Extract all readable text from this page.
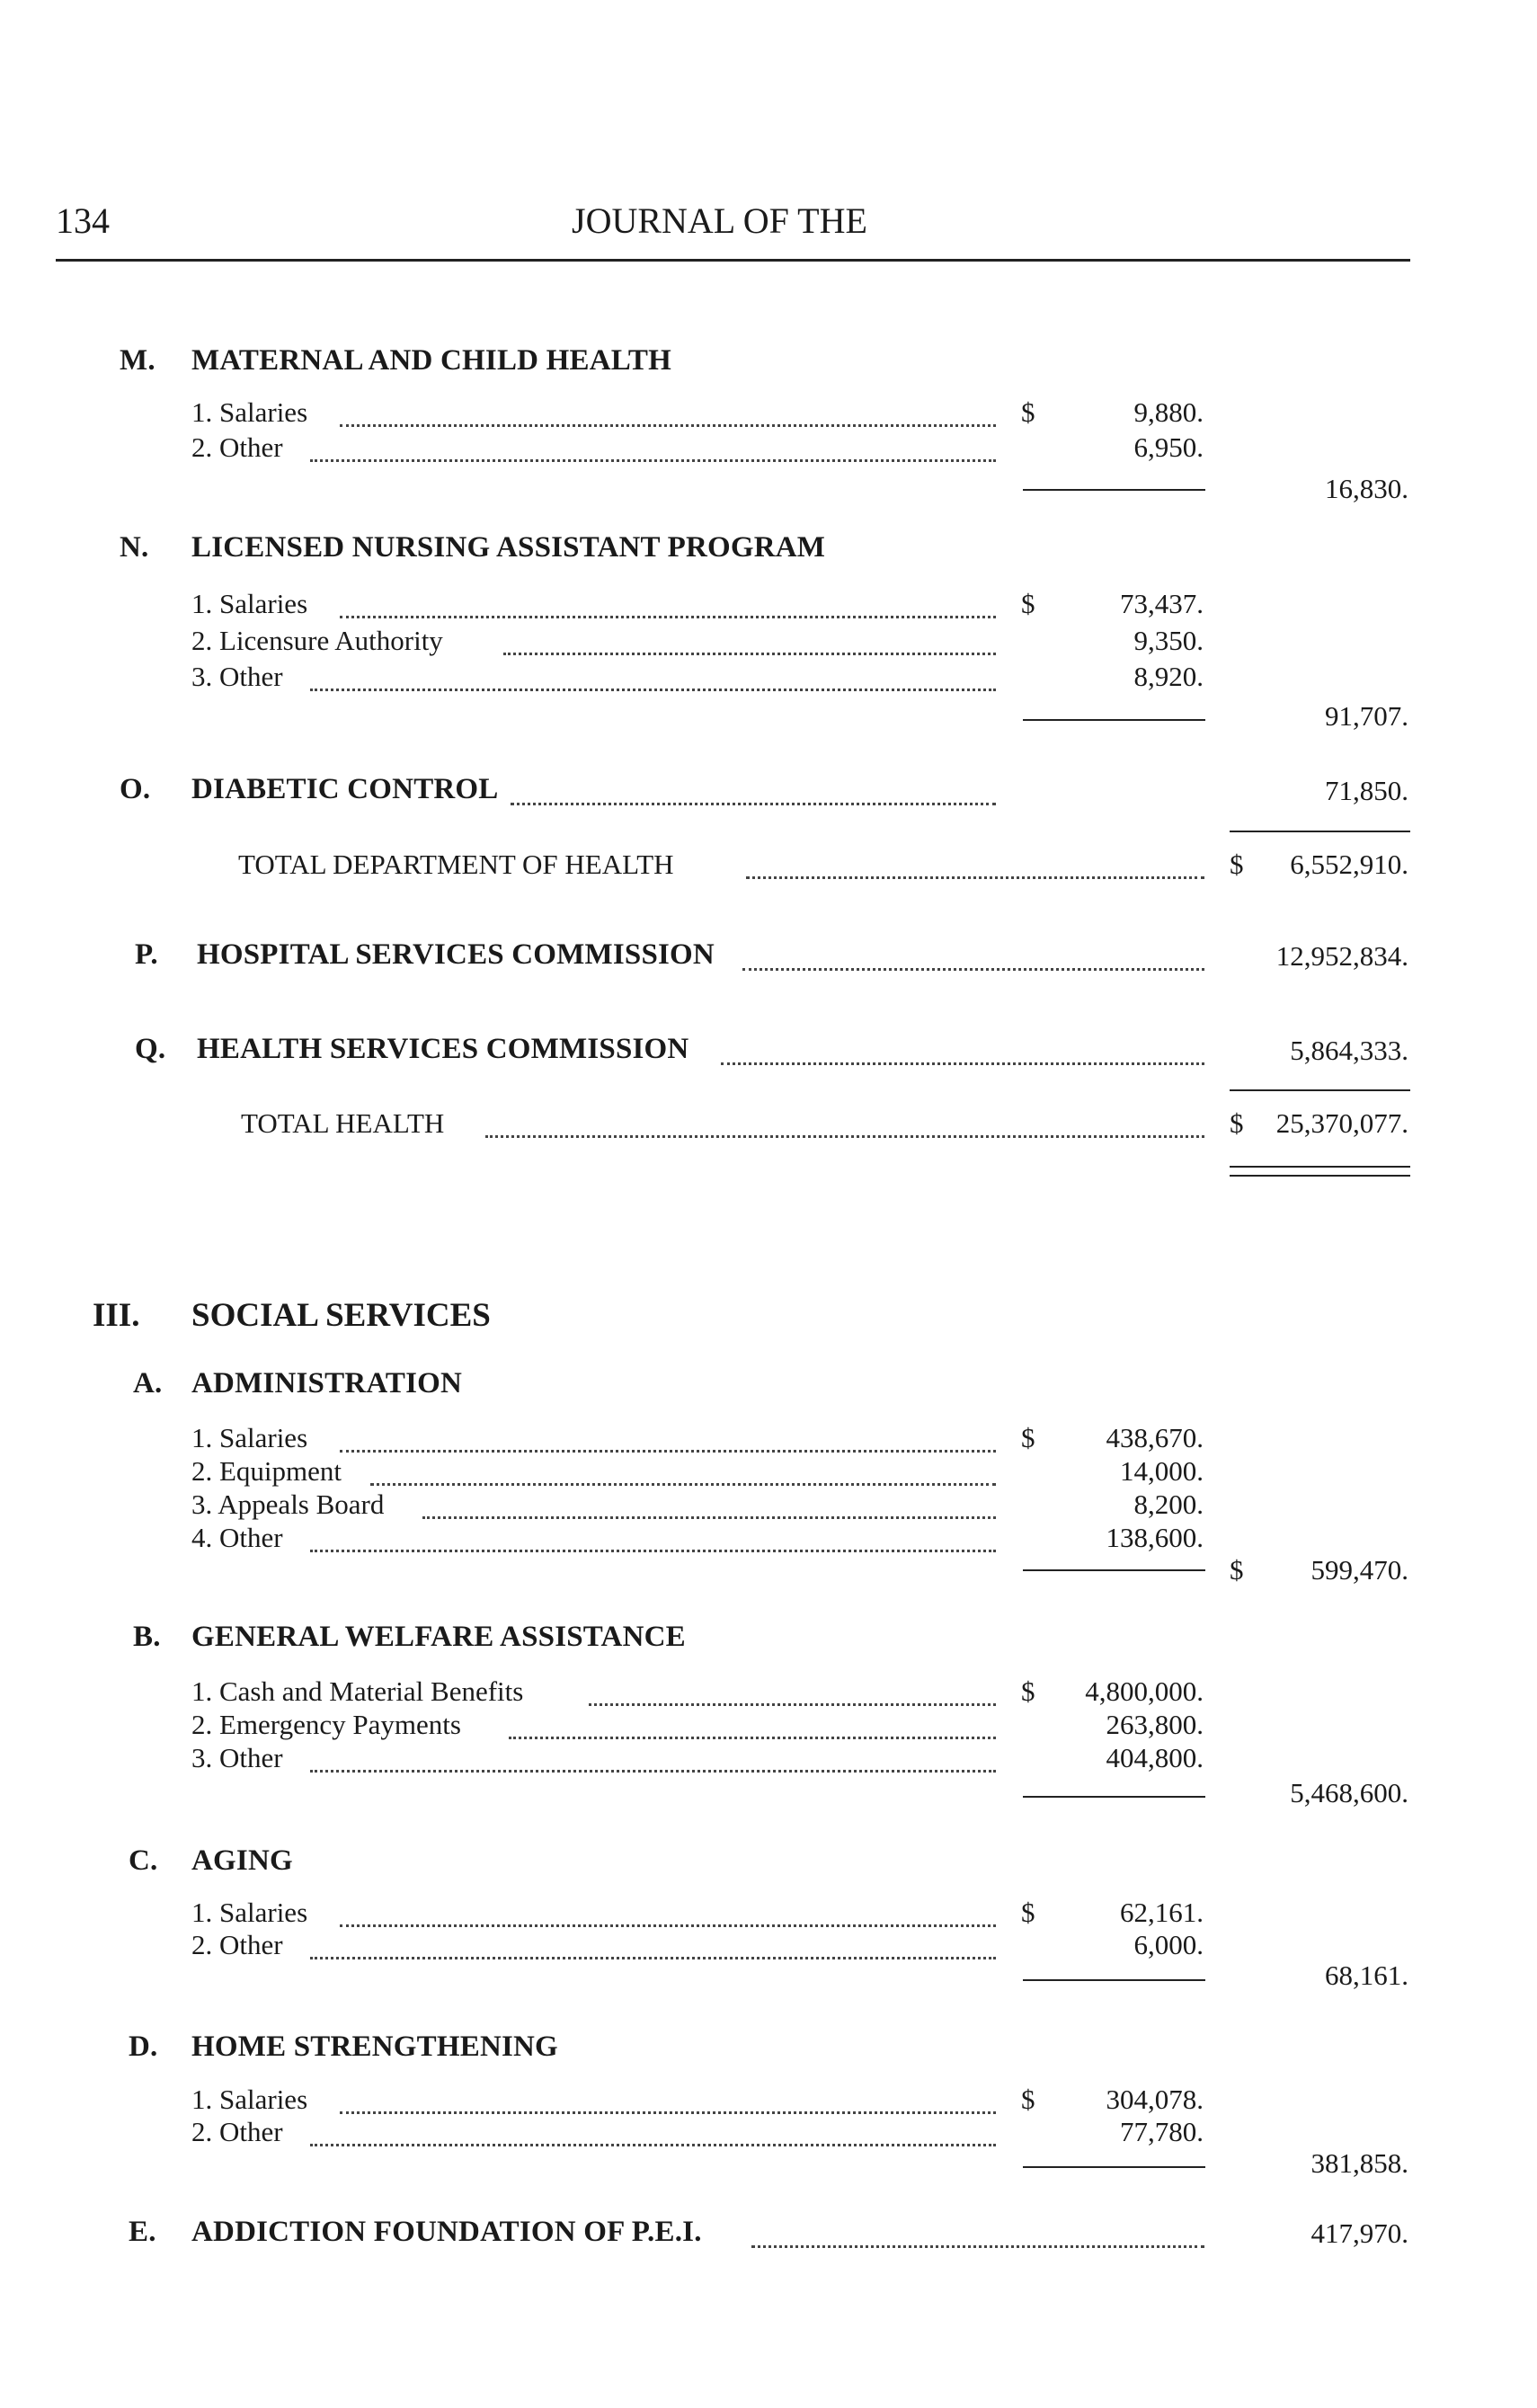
134	JOURNAL OF THE
M. MATERNAL AND CHILD HEALTH
1. Salaries	$	9,880.
2. Other	6,950.
16,830.
N. LICENSED NURSING ASSISTANT PROGRAM
1. Salaries	$	73,437.
2. Licensure Authority	9,350.
3. Other	8,920.
91,707.
O. DIABETIC CONTROL	71,850.
TOTAL DEPARTMENT OF HEALTH	$ 6,552,910.
P. HOSPITAL SERVICES COMMISSION	12,952,834.
Q. HEALTH SERVICES COMMISSION	5,864,333.
TOTAL HEALTH	$ 25,370,077.
III. SOCIAL SERVICES
A. ADMINISTRATION
1. Salaries	$	438,670.
2. Equipment	14,000.
3. Appeals Board	8,200.
4. Other	138,600.
$ 599,470.
B. GENERAL WELFARE ASSISTANCE
1. Cash and Material Benefits	$ 4,800,000.
2. Emergency Payments	263,800.
3. Other	404,800.
5,468,600.
C. AGING
1. Salaries	$	62,161.
2. Other	6,000.
68,161.
D. HOME STRENGTHENING
1. Salaries	$	304,078.
2. Other	77,780.
381,858.
E. ADDICTION FOUNDATION OF P.E.I.	417,970.
